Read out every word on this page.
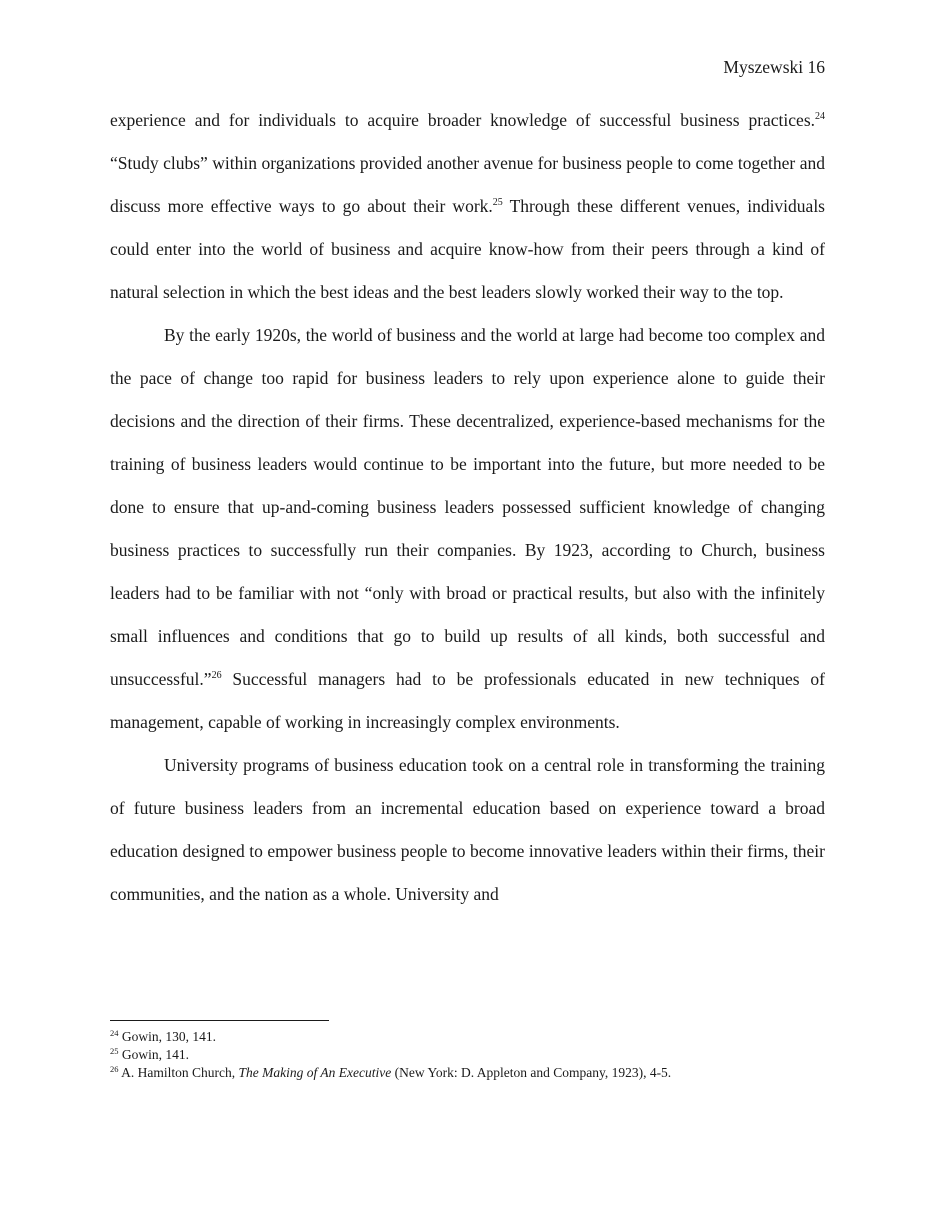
Myszewski 16

experience and for individuals to acquire broader knowledge of successful business practices.$^{24}$ “Study clubs” within organizations provided another avenue for business people to come together and discuss more effective ways to go about their work.$^{25}$ Through these different venues, individuals could enter into the world of business and acquire know-how from their peers through a kind of natural selection in which the best ideas and the best leaders slowly worked their way to the top.

By the early 1920s, the world of business and the world at large had become too complex and the pace of change too rapid for business leaders to rely upon experience alone to guide their decisions and the direction of their firms. These decentralized, experience-based mechanisms for the training of business leaders would continue to be important into the future, but more needed to be done to ensure that up-and-coming business leaders possessed sufficient knowledge of changing business practices to successfully run their companies. By 1923, according to Church, business leaders had to be familiar with not “only with broad or practical results, but also with the infinitely small influences and conditions that go to build up results of all kinds, both successful and unsuccessful.”$^{26}$ Successful managers had to be professionals educated in new techniques of management, capable of working in increasingly complex environments.

University programs of business education took on a central role in transforming the training of future business leaders from an incremental education based on experience toward a broad education designed to empower business people to become innovative leaders within their firms, their communities, and the nation as a whole. University and

$^{24}$ Gowin, 130, 141.

$^{25}$ Gowin, 141.

$^{26}$ A. Hamilton Church, The Making of An Executive (New York: D. Appleton and Company, 1923), 4-5.
